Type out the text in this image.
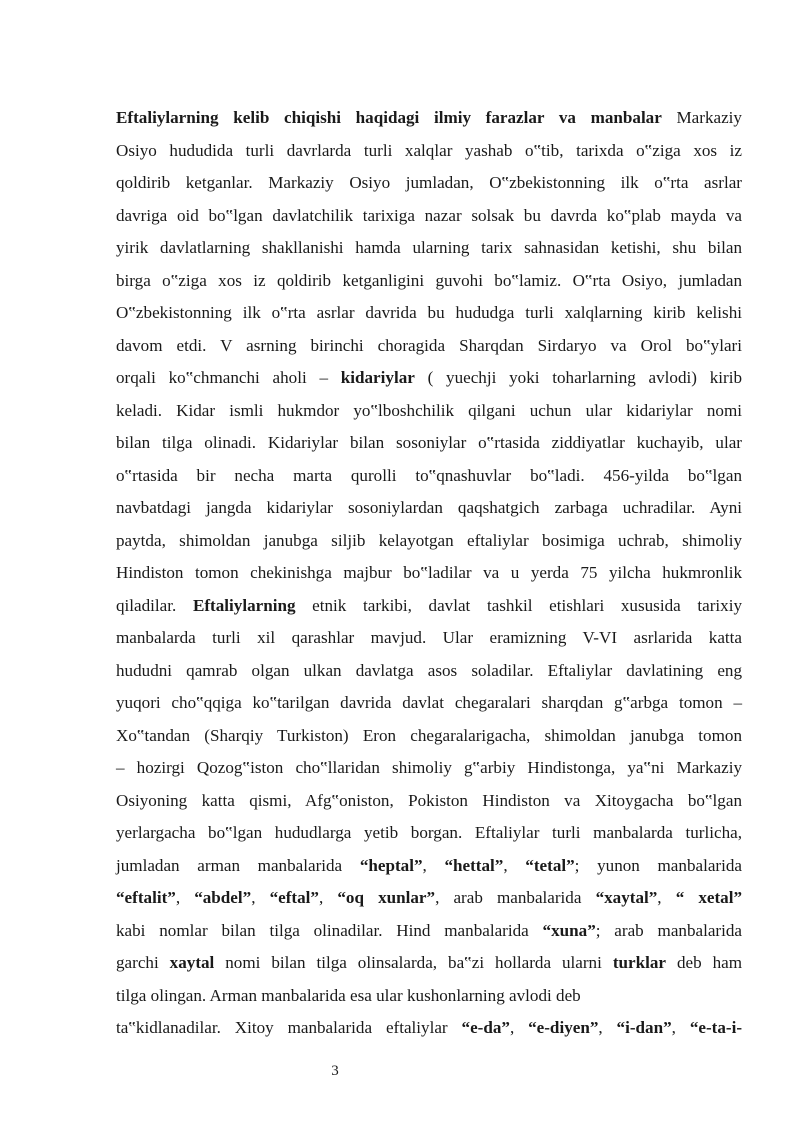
Eftaliylarning kelib chiqishi haqidagi ilmiy farazlar va manbalar Markaziy
Osiyo hududida turli davrlarda turli xalqlar yashab o‟tib, tarixda o‟ziga xos iz
qoldirib ketganlar. Markaziy Osiyo jumladan, O‟zbekistonning ilk o‟rta asrlar
davriga oid bo‟lgan davlatchilik tarixiga nazar solsak bu davrda ko‟plab mayda va
yirik davlatlarning shakllanishi hamda ularning tarix sahnasidan ketishi, shu bilan
birga o‟ziga xos iz qoldirib ketganligini guvohi bo‟lamiz. O‟rta Osiyo, jumladan
O‟zbekistonning ilk o‟rta asrlar davrida bu hududga turli xalqlarning kirib kelishi
davom etdi. V asrning birinchi choragida Sharqdan Sirdaryo va Orol bo‟ylari
orqali ko‟chmanchi aholi – kidariylar ( yuechji yoki toharlarning avlodi) kirib
keladi. Kidar ismli hukmdor yo‟lboshchilik qilgani uchun ular kidariylar nomi
bilan tilga olinadi. Kidariylar bilan sosoniylar o‟rtasida ziddiyatlar kuchayib, ular
o‟rtasida bir necha marta qurolli to‟qnashuvlar bo‟ladi. 456-yilda bo‟lgan
navbatdagi jangda kidariylar sosoniylardan qaqshatgich zarbaga uchradilar. Ayni
paytda, shimoldan janubga siljib kelayotgan eftaliylar bosimiga uchrab, shimoliy
Hindiston tomon chekinishga majbur bo‟ladilar va u yerda 75 yilcha hukmronlik
qiladilar. Eftaliylarning etnik tarkibi, davlat tashkil etishlari xususida tarixiy
manbalarda turli xil qarashlar mavjud. Ular eramizning V-VI asrlarida katta
hududni qamrab olgan ulkan davlatga asos soladilar. Eftaliylar davlatining eng
yuqori cho‟qqiga ko‟tarilgan davrida davlat chegaralari sharqdan g‟arbga tomon –
Xo‟tandan (Sharqiy Turkiston) Eron chegaralarigacha, shimoldan janubga tomon
– hozirgi Qozog‟iston cho‟llaridan shimoliy g‟arbiy Hindistonga, ya‟ni Markaziy
Osiyoning katta qismi, Afg‟oniston, Pokiston Hindiston va Xitoygacha bo‟lgan
yerlargacha bo‟lgan hududlarga yetib borgan. Eftaliylar turli manbalarda turlicha,
jumladan arman manbalarida “heptal”, “hettal”, “tetal”; yunon manbalarida
“eftalit”, “abdel”, “eftal”, “oq xunlar”, arab manbalarida “xaytal”, “ xetal”
kabi nomlar bilan tilga olinadilar. Hind manbalarida “xuna”; arab manbalarida
garchi xaytal nomi bilan tilga olinsalarda, ba‟zi hollarda ularni turklar deb ham
tilga olingan. Arman manbalarida esa ular kushonlarning avlodi deb
ta‟kidlanadilar. Xitoy manbalarida eftaliylar “e-da”, “e-diyen”, “i-dan”, “e-ta-i-
3
